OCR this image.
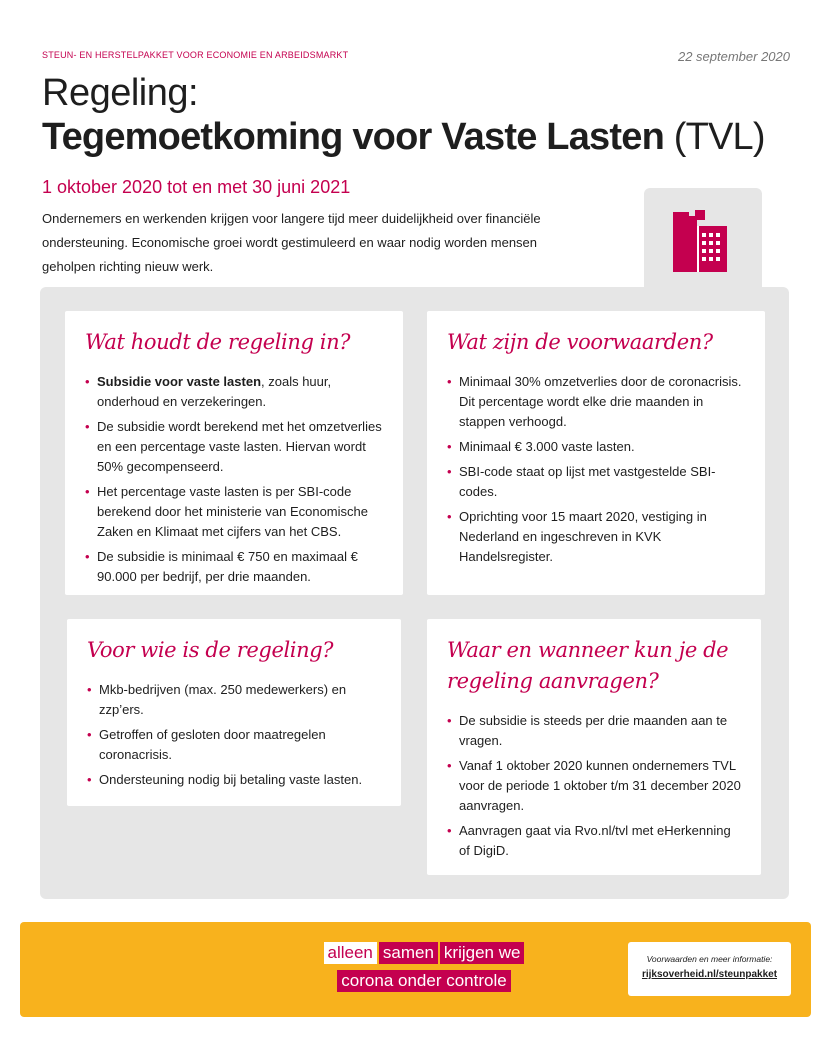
STEUN- EN HERSTELPAKKET VOOR ECONOMIE EN ARBEIDSMARKT	22 september 2020
Regeling:
Tegemoetkoming voor Vaste Lasten (TVL)
1 oktober 2020 tot en met 30 juni 2021

Ondernemers en werkenden krijgen voor langere tijd meer duidelijkheid over financiële ondersteuning. Economische groei wordt gestimuleerd en waar nodig worden mensen geholpen richting nieuw werk.

Wat houdt de regeling in?
• Subsidie voor vaste lasten, zoals huur, onderhoud en verzekeringen.
• De subsidie wordt berekend met het omzetverlies en een percentage vaste lasten. Hiervan wordt 50% gecompenseerd.
• Het percentage vaste lasten is per SBI-code berekend door het ministerie van Economische Zaken en Klimaat met cijfers van het CBS.
• De subsidie is minimaal € 750 en maximaal € 90.000 per bedrijf, per drie maanden.
Wat zijn de voorwaarden?
• Minimaal 30% omzetverlies door de coronacrisis. Dit percentage wordt elke drie maanden in stappen verhoogd.
• Minimaal € 3.000 vaste lasten.
• SBI-code staat op lijst met vastgestelde SBI-codes.
• Oprichting voor 15 maart 2020, vestiging in Nederland en ingeschreven in KVK Handelsregister.
Voor wie is de regeling?
• Mkb-bedrijven (max. 250 medewerkers) en zzp’ers.
• Getroffen of gesloten door maatregelen coronacrisis.
• Ondersteuning nodig bij betaling vaste lasten.
Waar en wanneer kun je de regeling aanvragen?
• De subsidie is steeds per drie maanden aan te vragen.
• Vanaf 1 oktober 2020 kunnen ondernemers TVL voor de periode 1 oktober t/m 31 december 2020 aanvragen.
• Aanvragen gaat via Rvo.nl/tvl met eHerkenning of DigiD.
alleen samen krijgen we
corona onder controle
Voorwaarden en meer informatie:
rijksoverheid.nl/steunpakket
